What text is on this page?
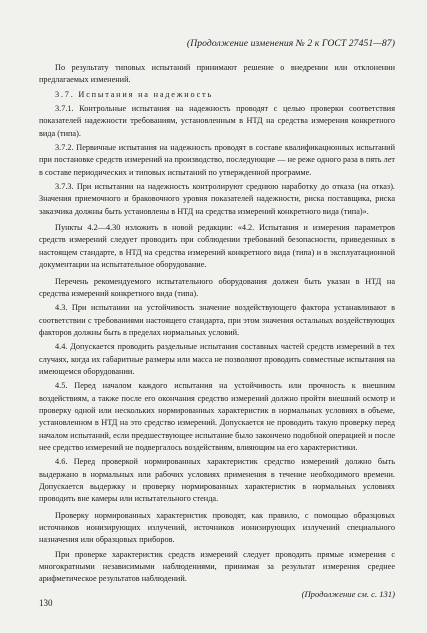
(Продолжение изменения № 2 к ГОСТ 27451—87)

По результату типовых испытаний принимают решение о внедрении или отклонении предлагаемых изменений.

3.7. Испытания на надежность

3.7.1. Контрольные испытания на надежность проводят с целью проверки соответствия показателей надежности требованиям, установленным в НТД на средства измерения конкретного вида (типа).

3.7.2. Первичные испытания на надежность проводят в составе квалификационных испытаний при постановке средств измерений на производство, последующие — не реже одного раза в пять лет в составе периодических и типовых испытаний по утвержденной программе.

3.7.3. При испытании на надежность контролируют среднюю наработку до отказа (на отказ). Значения приемочного и браковочного уровня показателей надежности, риска поставщика, риска заказчика должны быть установлены в НТД на средства измерений конкретного вида (типа)».

Пункты 4.2—4.30 изложить в новой редакции: «4.2. Испытания и измерения параметров средств измерений следует проводить при соблюдении требований безопасности, приведенных в настоящем стандарте, в НТД на средства измерений конкретного вида (типа) и в эксплуатационной документации на испытательное оборудование.

Перечень рекомендуемого испытательного оборудования должен быть указан в НТД на средства измерений конкретного вида (типа).

4.3. При испытании на устойчивость значение воздействующего фактора устанавливают в соответствии с требованиями настоящего стандарта, при этом значения остальных воздействующих факторов должны быть в пределах нормальных условий.

4.4. Допускается проводить раздельные испытания составных частей средств измерений в тех случаях, когда их габаритные размеры или масса не позволяют проводить совместные испытания на имеющемся оборудовании.

4.5. Перед началом каждого испытания на устойчивость или прочность к внешним воздействиям, а также после его окончания средство измерений должно пройти внешний осмотр и проверку одной или нескольких нормированных характеристик в нормальных условиях в объеме, установленном в НТД на это средство измерений. Допускается не проводить такую проверку перед началом испытаний, если предшествующее испытание было закончено подобной операцией и после нее средство измерений не подвергалось воздействиям, влияющим на его характеристики.

4.6. Перед проверкой нормированных характеристик средство измерений должно быть выдержано в нормальных или рабочих условиях применения в течение необходимого времени. Допускается выдержку и проверку нормированных характеристик в нормальных условиях проводить вне камеры или испытательного стенда.

Проверку нормированных характеристик проводят, как правило, с помощью образцовых источников ионизирующих излучений, источников ионизирующих излучений специального назначения или образцовых приборов.

При проверке характеристик средств измерений следует проводить прямые измерения с многократными независимыми наблюдениями, принимая за результат измерения среднее арифметическое результатов наблюдений.

(Продолжение см. с. 131)

130
